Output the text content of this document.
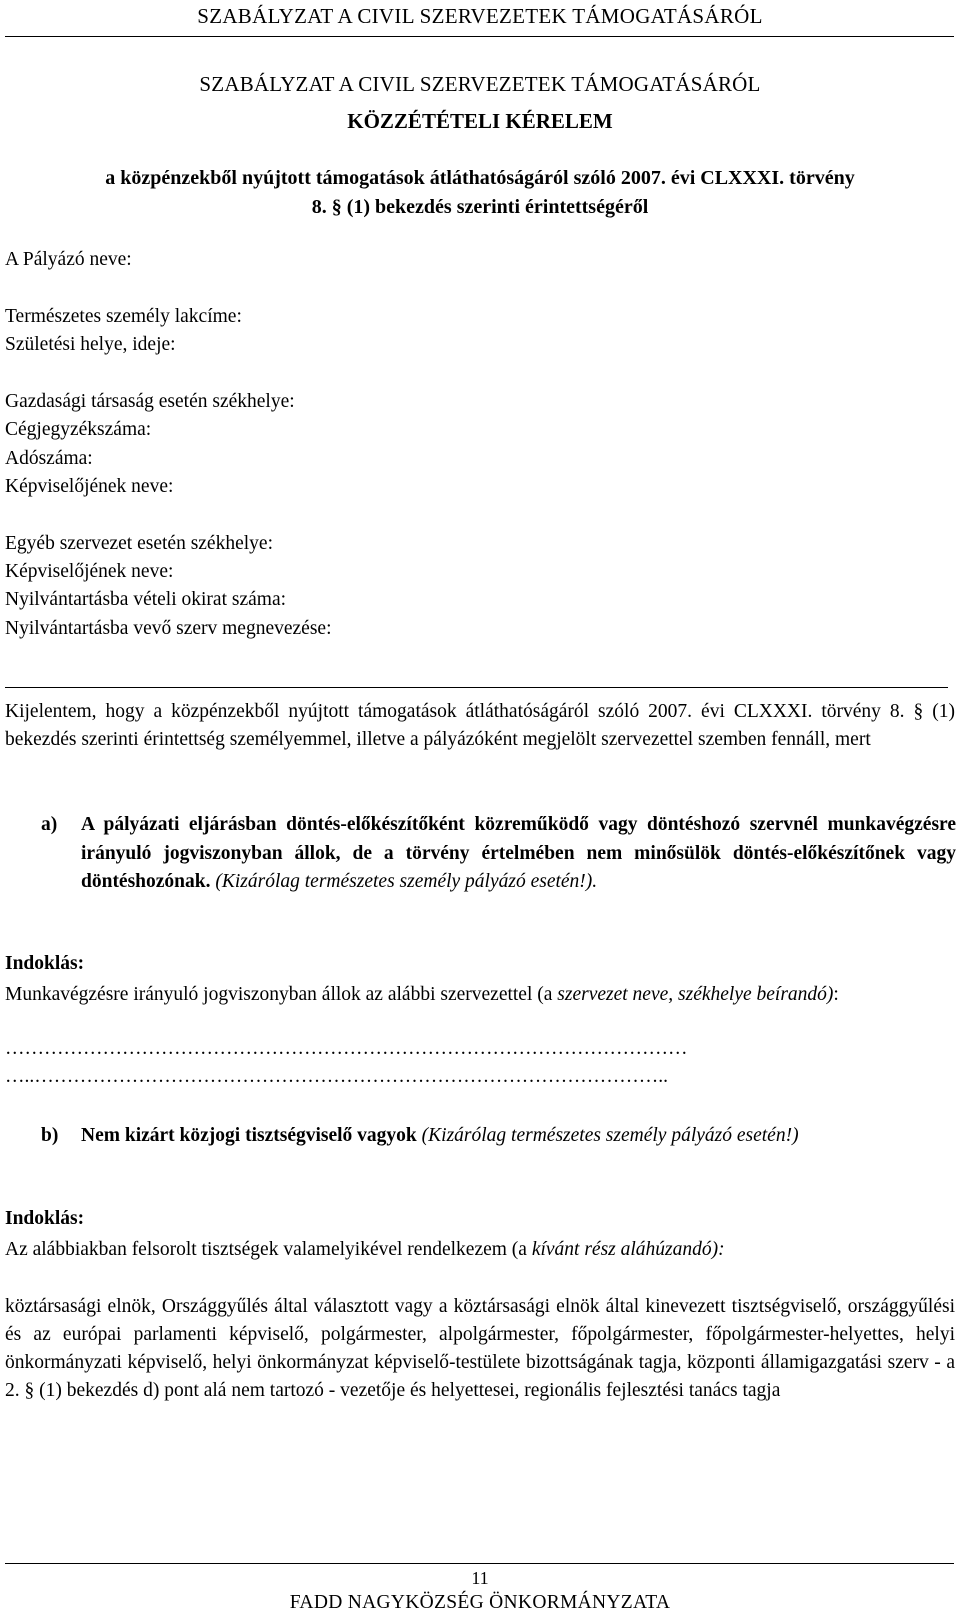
SZABÁLYZAT A CIVIL SZERVEZETEK TÁMOGATÁSÁRÓL
SZABÁLYZAT A CIVIL SZERVEZETEK TÁMOGATÁSÁRÓL
KÖZZÉTÉTELI KÉRELEM
a közpénzekből nyújtott támogatások átláthatóságáról szóló 2007. évi CLXXXI. törvény
8. § (1) bekezdés szerinti érintettségéről
A Pályázó neve:
Természetes személy lakcíme:
Születési helye, ideje:
Gazdasági társaság esetén székhelye:
Cégjegyzékszáma:
Adószáma:
Képviselőjének neve:
Egyéb szervezet esetén székhelye:
Képviselőjének neve:
Nyilvántartásba vételi okirat száma:
Nyilvántartásba vevő szerv megnevezése:
Kijelentem, hogy a közpénzekből nyújtott támogatások átláthatóságáról szóló 2007. évi CLXXXI. törvény 8. § (1) bekezdés szerinti érintettség személyemmel, illetve a pályázóként megjelölt szervezettel szemben fennáll, mert
a) A pályázati eljárásban döntés-előkészítőként közreműködő vagy döntéshozó szervnél munkavégzésre irányuló jogviszonyban állok, de a törvény értelmében nem minősülök döntés-előkészítőnek vagy döntéshozónak. (Kizárólag természetes személy pályázó esetén!).
Indoklás:
Munkavégzésre irányuló jogviszonyban állok az alábbi szervezettel (a szervezet neve, székhelye beírandó):
……………………………………………………………………………………………
…..……………………………………………………………………………………..
b) Nem kizárt közjogi tisztségviselő vagyok (Kizárólag természetes személy pályázó esetén!)
Indoklás:
Az alábbiakban felsorolt tisztségek valamelyikével rendelkezem (a kívánt rész aláhúzandó):
köztársasági elnök, Országgyűlés által választott vagy a köztársasági elnök által kinevezett tisztségviselő, országgyűlési és az európai parlamenti képviselő, polgármester, alpolgármester, főpolgármester, főpolgármester-helyettes, helyi önkormányzati képviselő, helyi önkormányzat képviselő-testülete bizottságának tagja, központi államigazgatási szerv - a 2. § (1) bekezdés d) pont alá nem tartozó - vezetője és helyettesei, regionális fejlesztési tanács tagja
11
FADD NAGYKÖZSÉG ÖNKORMÁNYZATA
